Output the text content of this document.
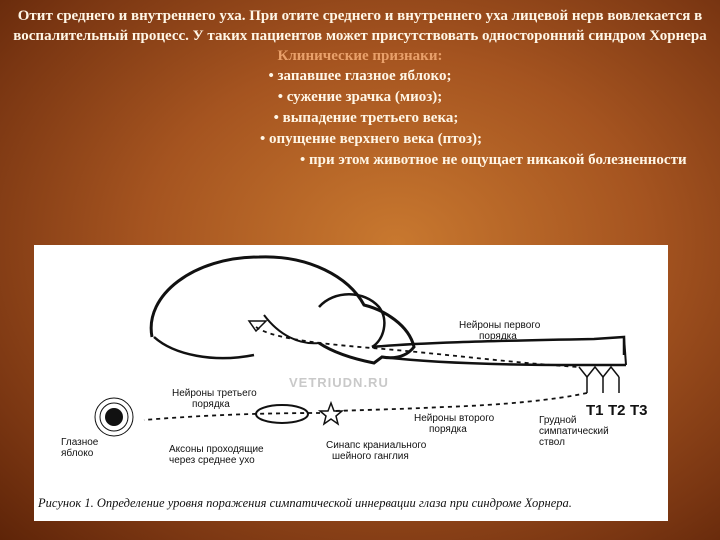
Отит среднего и внутреннего уха. При отите среднего и внутреннего уха лицевой нерв вовлекается в воспалительный процесс. У таких пациентов может присутствовать односторонний синдром Хорнера

Клинические признаки:
• запавшее глазное яблоко;
• сужение зрачка (миоз);
• выпадение третьего века;
• опущение верхнего века (птоз);
• при этом животное не ощущает никакой болезненности
VETRIUDN.RU
Нейроны первого
порядка
Нейроны третьего
порядка
Нейроны второго
порядка
Глазное
яблоко	Аксоны проходящие
через среднее ухо
Синапс краниального
шейного ганглия
Грудной
симпатический
ствол
T1 T2 T3
Рисунок 1. Определение уровня поражения симпатической иннервации глаза при синдроме Хорнера.
